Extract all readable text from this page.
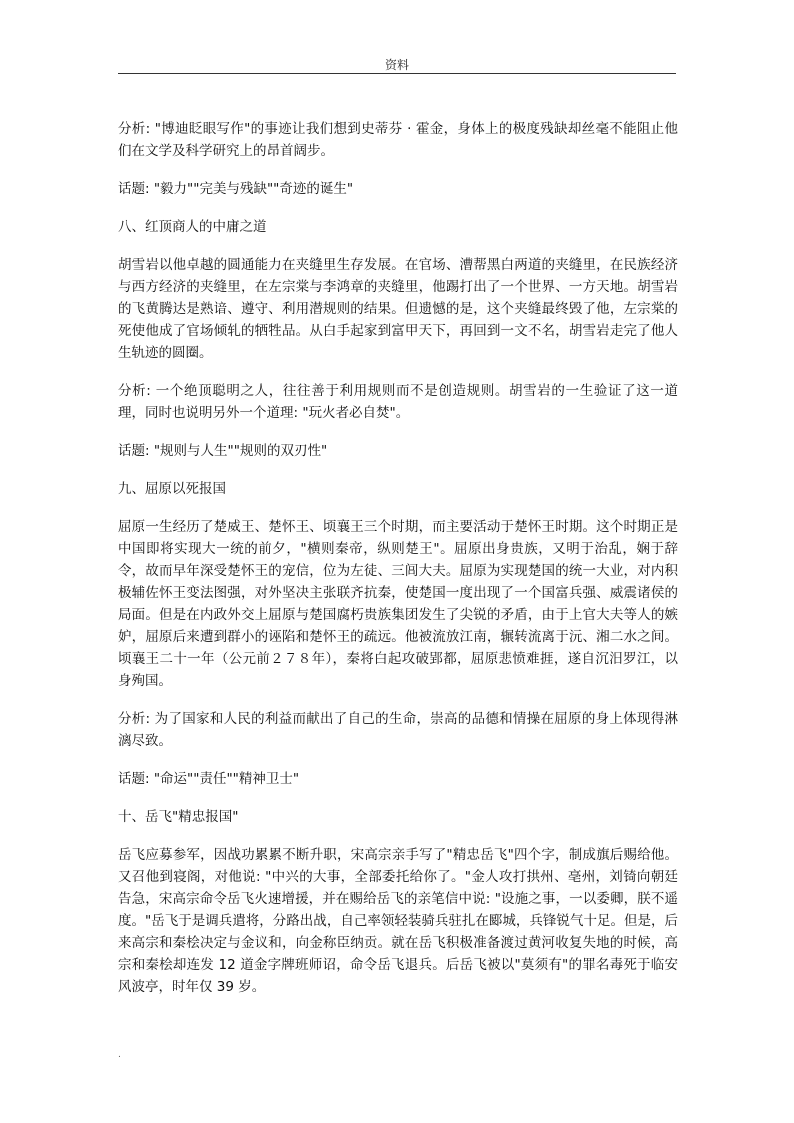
资料

分析: "博迪眨眼写作"的事迹让我们想到史蒂芬 · 霍金，身体上的极度残缺却丝毫不能阻止他们在文学及科学研究上的昂首阔步。

话题: "毅力""完美与残缺""奇迹的诞生"

八、红顶商人的中庸之道

胡雪岩以他卓越的圆通能力在夹缝里生存发展。在官场、漕帮黑白两道的夹缝里，在民族经济与西方经济的夹缝里，在左宗棠与李鸿章的夹缝里，他踢打出了一个世界、一方天地。胡雪岩的飞黄腾达是熟谙、遵守、利用潜规则的结果。但遗憾的是，这个夹缝最终毁了他，左宗棠的死使他成了官场倾轧的牺牲品。从白手起家到富甲天下，再回到一文不名，胡雪岩走完了他人生轨迹的圆圈。

分析: 一个绝顶聪明之人，往往善于利用规则而不是创造规则。胡雪岩的一生验证了这一道理，同时也说明另外一个道理: "玩火者必自焚"。

话题: "规则与人生""规则的双刃性"

九、屈原以死报国

屈原一生经历了楚威王、楚怀王、顷襄王三个时期，而主要活动于楚怀王时期。这个时期正是中国即将实现大一统的前夕，"横则秦帝，纵则楚王"。屈原出身贵族，又明于治乱，娴于辞令，故而早年深受楚怀王的宠信，位为左徒、三闾大夫。屈原为实现楚国的统一大业，对内积极辅佐怀王变法图强，对外坚决主张联齐抗秦，使楚国一度出现了一个国富兵强、威震诸侯的局面。但是在内政外交上屈原与楚国腐朽贵族集团发生了尖锐的矛盾，由于上官大夫等人的嫉妒，屈原后来遭到群小的诬陷和楚怀王的疏远。他被流放江南，辗转流离于沅、湘二水之间。顷襄王二十一年（公元前２７８年），秦将白起攻破郢都，屈原悲愤难捱，遂自沉汨罗江，以身殉国。

分析: 为了国家和人民的利益而献出了自己的生命，崇高的品德和情操在屈原的身上体现得淋漓尽致。

话题: "命运""责任""精神卫士"

十、岳飞"精忠报国"

岳飞应募参军，因战功累累不断升职，宋高宗亲手写了"精忠岳飞"四个字，制成旗后赐给他。又召他到寝阁，对他说: "中兴的大事，全部委托给你了。"金人攻打拱州、亳州，刘锜向朝廷告急，宋高宗命令岳飞火速增援，并在赐给岳飞的亲笔信中说: "设施之事，一以委卿，朕不遥度。"岳飞于是调兵遣将，分路出战，自己率领轻装骑兵驻扎在郾城，兵锋锐气十足。但是，后来高宗和秦桧决定与金议和，向金称臣纳贡。就在岳飞积极准备渡过黄河收复失地的时候，高宗和秦桧却连发 12 道金字牌班师诏，命令岳飞退兵。后岳飞被以"莫须有"的罪名毒死于临安风波亭，时年仅 39 岁。

.
